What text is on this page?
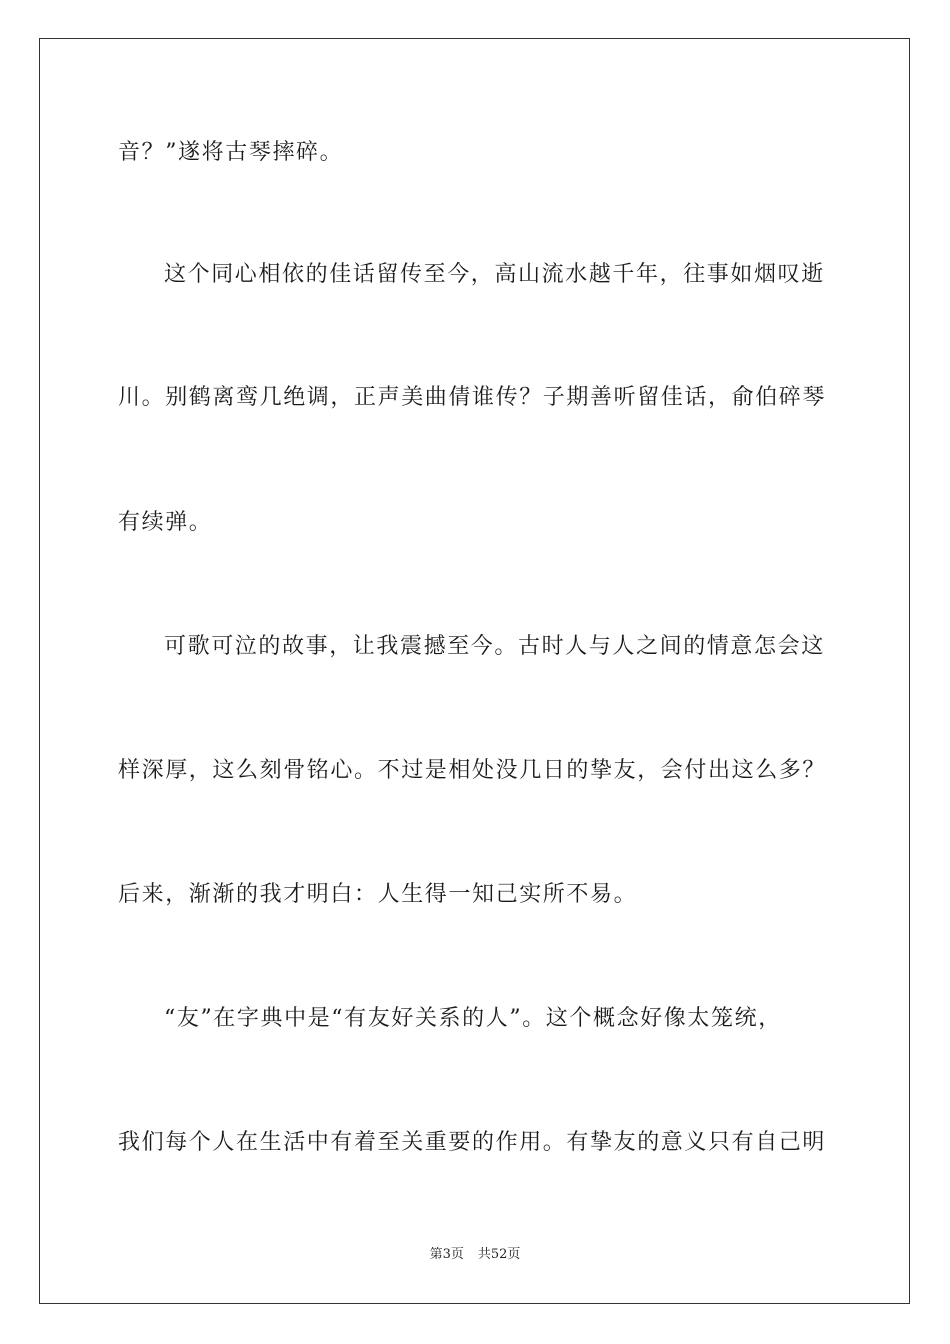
音？”遂将古琴摔碎。
这个同心相依的佳话留传至今，高山流水越千年，往事如烟叹逝
川。别鹤离鸾几绝调，正声美曲倩谁传？子期善听留佳话，俞伯碎琴
有续弹。
可歌可泣的故事，让我震撼至今。古时人与人之间的情意怎会这
样深厚，这么刻骨铭心。不过是相处没几日的挚友，会付出这么多？
后来，渐渐的我才明白：人生得一知己实所不易。
“友”在字典中是“有友好关系的人”。这个概念好像太笼统，
我们每个人在生活中有着至关重要的作用。有挚友的意义只有自己明
第3页 共52页
